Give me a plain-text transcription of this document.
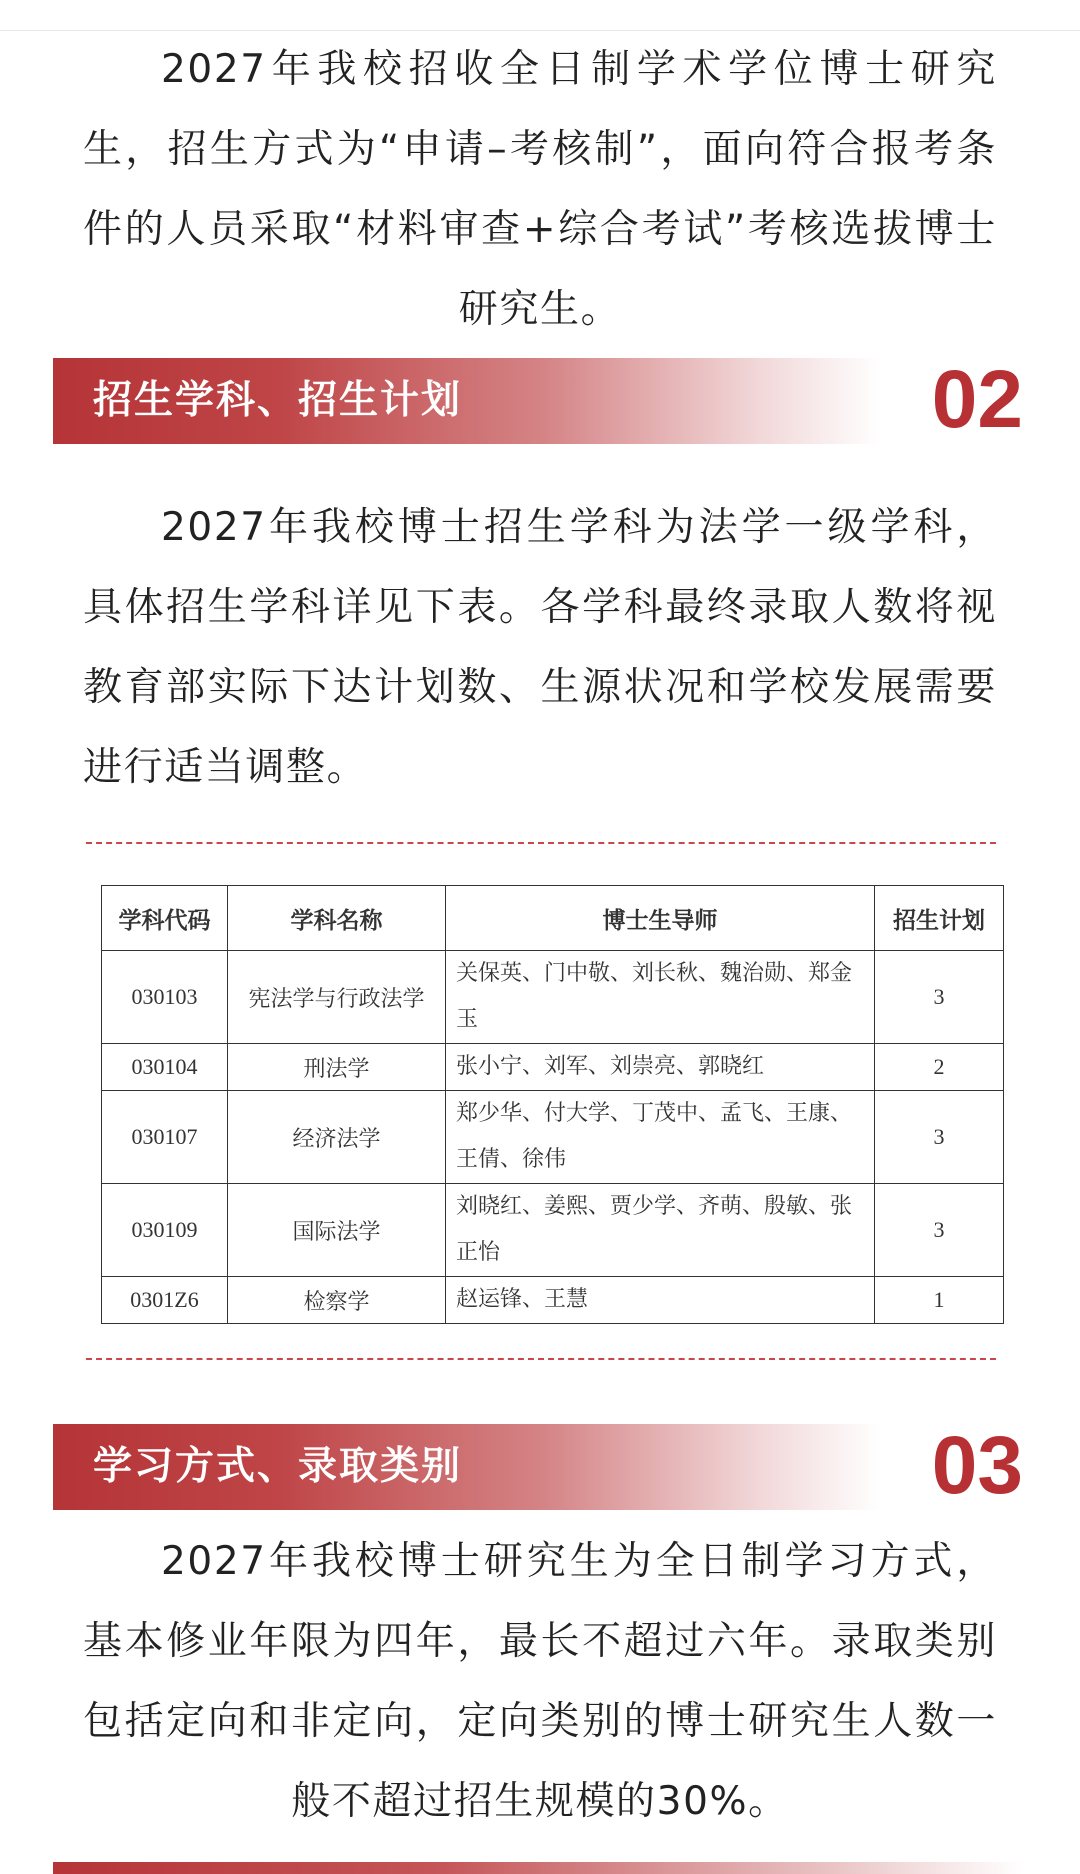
2027年我校招收全日制学术学位博士研究生，招生方式为“申请–考核制”，面向符合报考条件的人员采取“材料审查+综合考试”考核选拔博士研究生。

招生学科、招生计划	02

2027年我校博士招生学科为法学一级学科，具体招生学科详见下表。各学科最终录取人数将视教育部实际下达计划数、生源状况和学校发展需要进行适当调整。

学科代码	学科名称	博士生导师	招生计划
030103	宪法学与行政法学	关保英、门中敬、刘长秋、魏治勋、郑金玉	3
030104	刑法学	张小宁、刘军、刘崇亮、郭晓红	2
030107	经济法学	郑少华、付大学、丁茂中、孟飞、王康、王倩、徐伟	3
030109	国际法学	刘晓红、姜熙、贾少学、齐萌、殷敏、张正怡	3
0301Z6	检察学	赵运锋、王慧	1
学习方式、录取类别	03

2027年我校博士研究生为全日制学习方式，基本修业年限为四年，最长不超过六年。录取类别包括定向和非定向，定向类别的博士研究生人数一般不超过招生规模的30%。
